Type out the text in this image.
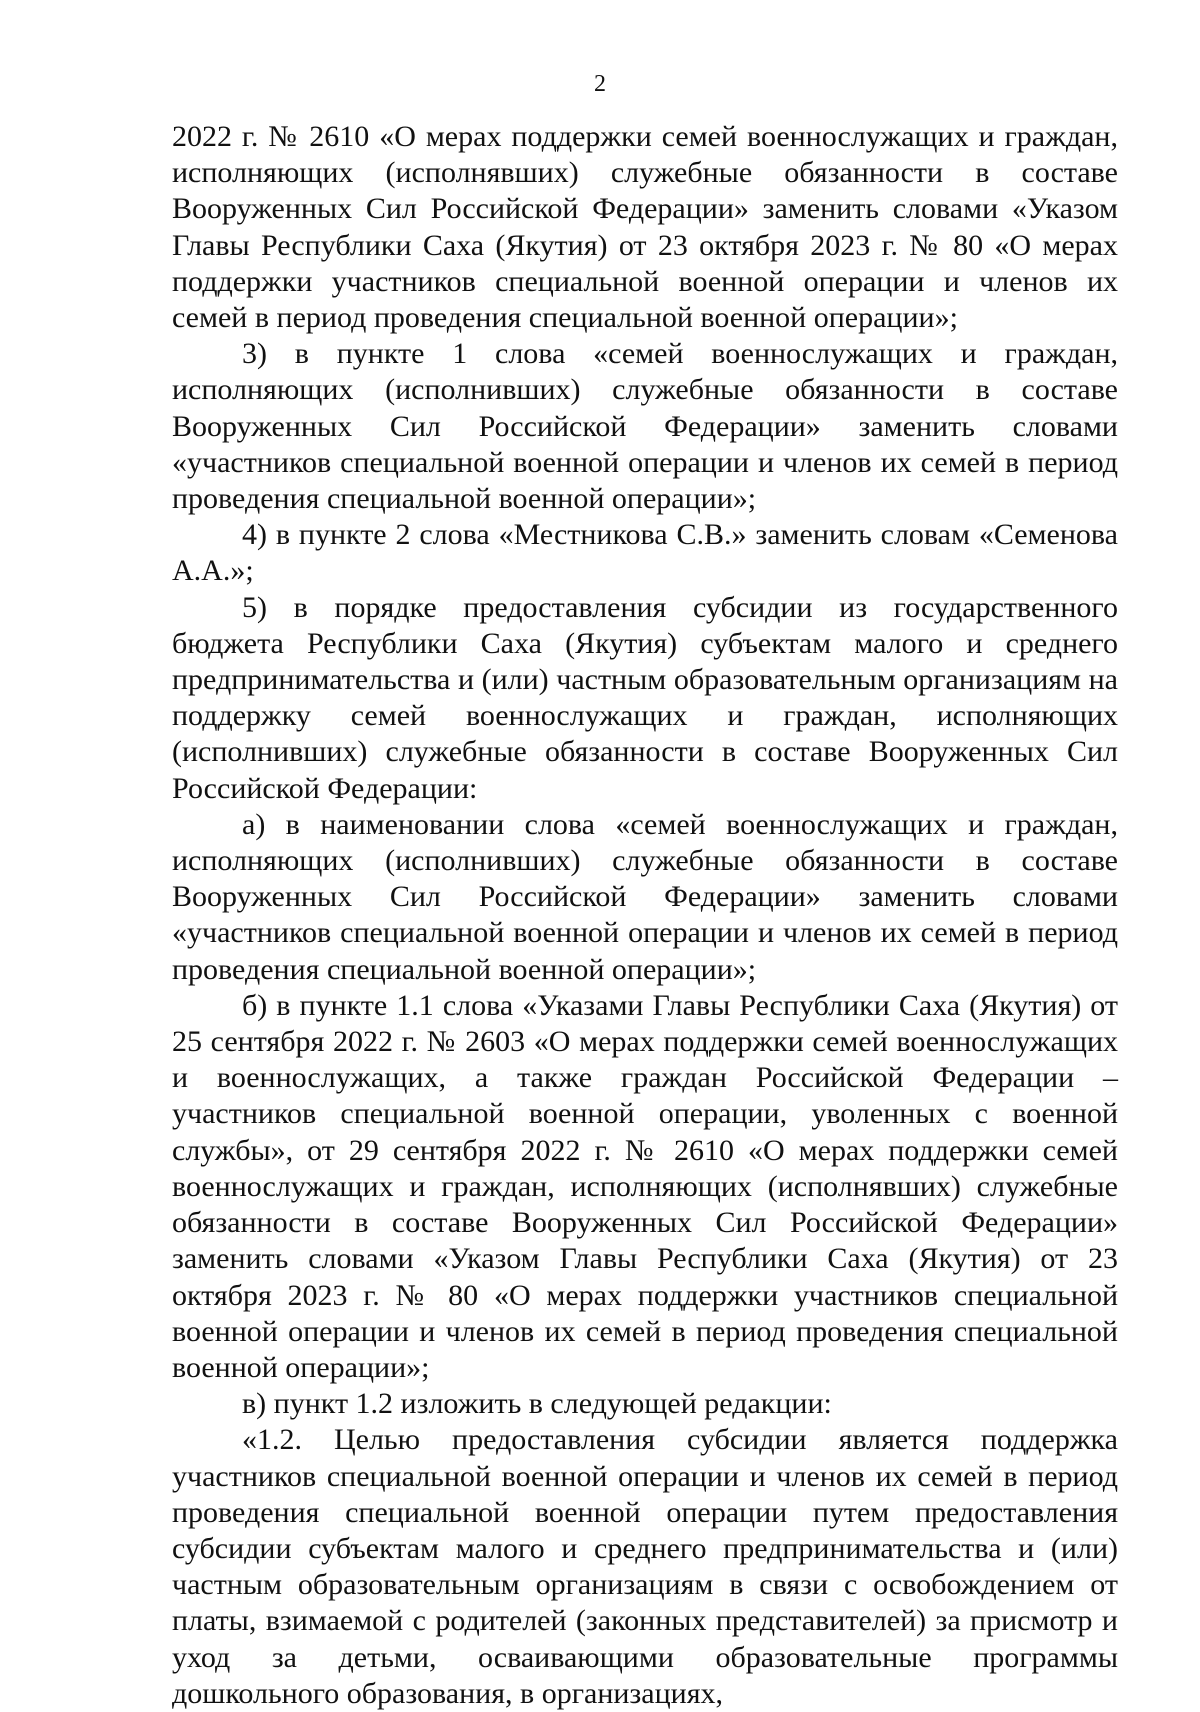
2

2022 г. № 2610 «О мерах поддержки семей военнослужащих и граждан, исполняющих (исполнявших) служебные обязанности в составе Вооруженных Сил Российской Федерации» заменить словами «Указом Главы Республики Саха (Якутия) от 23 октября 2023 г. № 80 «О мерах поддержки участников специальной военной операции и членов их семей в период проведения специальной военной операции»;

3) в пункте 1 слова «семей военнослужащих и граждан, исполняющих (исполнивших) служебные обязанности в составе Вооруженных Сил Российской Федерации» заменить словами «участников специальной военной операции и членов их семей в период проведения специальной военной операции»;

4) в пункте 2 слова «Местникова С.В.» заменить словам «Семенова А.А.»;

5) в порядке предоставления субсидии из государственного бюджета Республики Саха (Якутия) субъектам малого и среднего предпринимательства и (или) частным образовательным организациям на поддержку семей военнослужащих и граждан, исполняющих (исполнивших) служебные обязанности в составе Вооруженных Сил Российской Федерации:

а) в наименовании слова «семей военнослужащих и граждан, исполняющих (исполнивших) служебные обязанности в составе Вооруженных Сил Российской Федерации» заменить словами «участников специальной военной операции и членов их семей в период проведения специальной военной операции»;

б) в пункте 1.1 слова «Указами Главы Республики Саха (Якутия) от 25 сентября 2022 г. № 2603 «О мерах поддержки семей военнослужащих и военнослужащих, а также граждан Российской Федерации – участников специальной военной операции, уволенных с военной службы», от 29 сентября 2022 г. № 2610 «О мерах поддержки семей военнослужащих и граждан, исполняющих (исполнявших) служебные обязанности в составе Вооруженных Сил Российской Федерации» заменить словами «Указом Главы Республики Саха (Якутия) от 23 октября 2023 г. № 80 «О мерах поддержки участников специальной военной операции и членов их семей в период проведения специальной военной операции»;

в) пункт 1.2 изложить в следующей редакции:

«1.2. Целью предоставления субсидии является поддержка участников специальной военной операции и членов их семей в период проведения специальной военной операции путем предоставления субсидии субъектам малого и среднего предпринимательства и (или) частным образовательным организациям в связи с освобождением от платы, взимаемой с родителей (законных представителей) за присмотр и уход за детьми, осваивающими образовательные программы дошкольного образования, в организациях,
